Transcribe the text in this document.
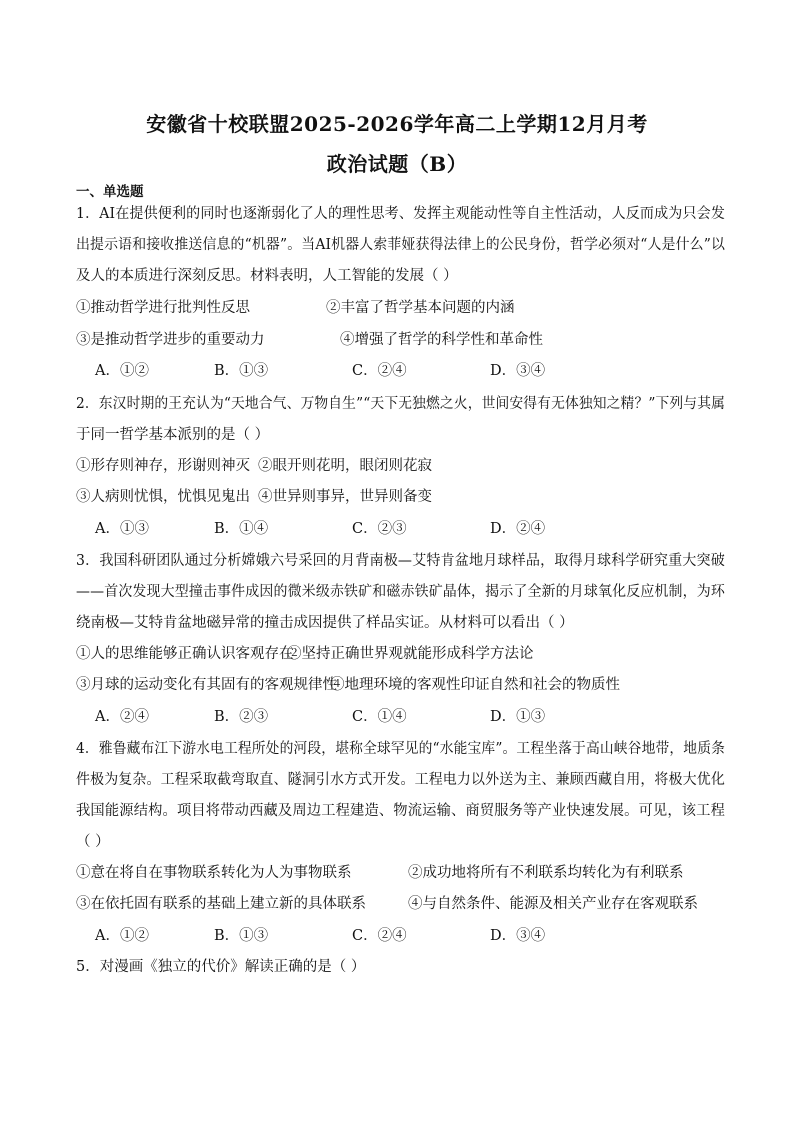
安徽省十校联盟2025-2026学年高二上学期12月月考
政治试题（B）
一、单选题
1．AI在提供便利的同时也逐渐弱化了人的理性思考、发挥主观能动性等自主性活动，人反而成为只会发
出提示语和接收推送信息的“机器”。当AI机器人索菲娅获得法律上的公民身份，哲学必须对“人是什么”以
及人的本质进行深刻反思。材料表明，人工智能的发展（ ）
①推动哲学进行批判性反思	②丰富了哲学基本问题的内涵
③是推动哲学进步的重要动力	④增强了哲学的科学性和革命性
A．①②	B．①③	C．②④	D．③④
2．东汉时期的王充认为“天地合气、万物自生”“天下无独燃之火，世间安得有无体独知之精？”下列与其属
于同一哲学基本派别的是（ ）
①形存则神存，形谢则神灭 ②眼开则花明，眼闭则花寂
③人病则忧惧，忧惧见鬼出 ④世异则事异，世异则备变
A．①③	B．①④	C．②③	D．②④
3．我国科研团队通过分析嫦娥六号采回的月背南极—艾特肯盆地月球样品，取得月球科学研究重大突破
——首次发现大型撞击事件成因的微米级赤铁矿和磁赤铁矿晶体，揭示了全新的月球氧化反应机制，为环
绕南极—艾特肯盆地磁异常的撞击成因提供了样品实证。从材料可以看出（ ）
①人的思维能够正确认识客观存在
②坚持正确世界观就能形成科学方法论
③月球的运动变化有其固有的客观规律性
④地理环境的客观性印证自然和社会的物质性
A．②④	B．②③	C．①④	D．①③
4．雅鲁藏布江下游水电工程所处的河段，堪称全球罕见的“水能宝库”。工程坐落于高山峡谷地带，地质条
件极为复杂。工程采取截弯取直、隧洞引水方式开发。工程电力以外送为主、兼顾西藏自用，将极大优化
我国能源结构。项目将带动西藏及周边工程建造、物流运输、商贸服务等产业快速发展。可见，该工程
（ ）
①意在将自在事物联系转化为人为事物联系	②成功地将所有不利联系均转化为有利联系
③在依托固有联系的基础上建立新的具体联系	④与自然条件、能源及相关产业存在客观联系
A．①②	B．①③	C．②④	D．③④
5．对漫画《独立的代价》解读正确的是（ ）
